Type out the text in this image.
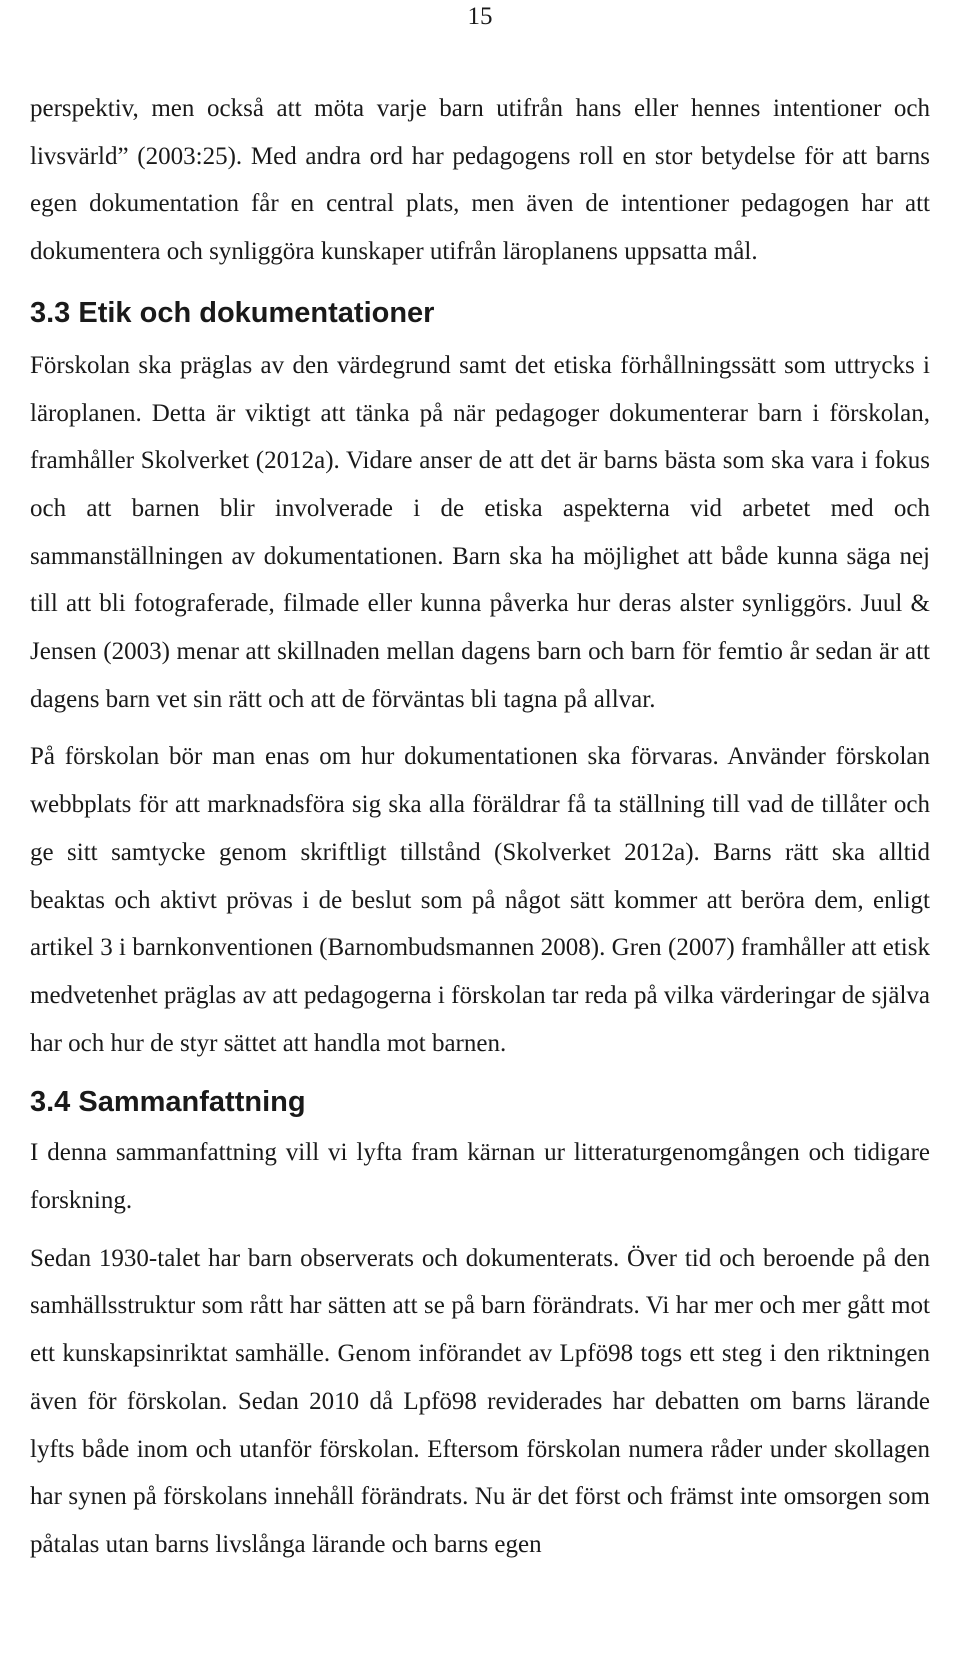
15

perspektiv, men också att möta varje barn utifrån hans eller hennes intentioner och livsvärld” (2003:25). Med andra ord har pedagogens roll en stor betydelse för att barns egen dokumentation får en central plats, men även de intentioner pedagogen har att dokumentera och synliggöra kunskaper utifrån läroplanens uppsatta mål.

3.3 Etik och dokumentationer

Förskolan ska präglas av den värdegrund samt det etiska förhållningssätt som uttrycks i läroplanen. Detta är viktigt att tänka på när pedagoger dokumenterar barn i förskolan, framhåller Skolverket (2012a). Vidare anser de att det är barns bästa som ska vara i fokus och att barnen blir involverade i de etiska aspekterna vid arbetet med och sammanställningen av dokumentationen. Barn ska ha möjlighet att både kunna säga nej till att bli fotograferade, filmade eller kunna påverka hur deras alster synliggörs. Juul & Jensen (2003) menar att skillnaden mellan dagens barn och barn för femtio år sedan är att dagens barn vet sin rätt och att de förväntas bli tagna på allvar.

På förskolan bör man enas om hur dokumentationen ska förvaras. Använder förskolan webbplats för att marknadsföra sig ska alla föräldrar få ta ställning till vad de tillåter och ge sitt samtycke genom skriftligt tillstånd (Skolverket 2012a). Barns rätt ska alltid beaktas och aktivt prövas i de beslut som på något sätt kommer att beröra dem, enligt artikel 3 i barnkonventionen (Barnombudsmannen 2008). Gren (2007) framhåller att etisk medvetenhet präglas av att pedagogerna i förskolan tar reda på vilka värderingar de själva har och hur de styr sättet att handla mot barnen.

3.4 Sammanfattning

I denna sammanfattning vill vi lyfta fram kärnan ur litteraturgenomgången och tidigare forskning.

Sedan 1930-talet har barn observerats och dokumenterats. Över tid och beroende på den samhällsstruktur som rått har sätten att se på barn förändrats. Vi har mer och mer gått mot ett kunskapsinriktat samhälle. Genom införandet av Lpfö98 togs ett steg i den riktningen även för förskolan. Sedan 2010 då Lpfö98 reviderades har debatten om barns lärande lyfts både inom och utanför förskolan. Eftersom förskolan numera råder under skollagen har synen på förskolans innehåll förändrats. Nu är det först och främst inte omsorgen som påtalas utan barns livslånga lärande och barns egen
